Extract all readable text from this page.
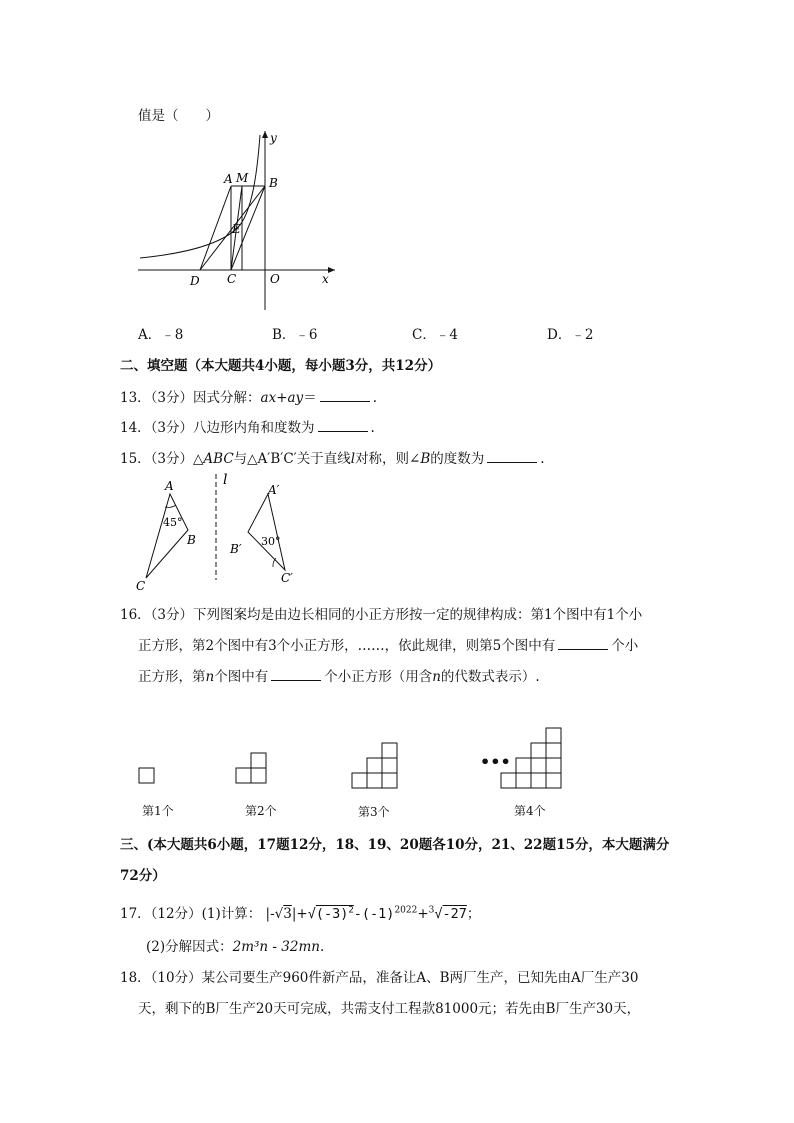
值是（　　）
y
x
O
A M B
E
D C
A．﹣8	B．﹣6	C．﹣4	D．﹣2
二、填空题（本大题共4小题，每小题3分，共12分）
13．（3分）因式分解：ax+ay＝	.
14．（3分）八边形内角和度数为	.
15．（3分）△ABC与△A′B′C′关于直线l对称，则∠B的度数为	.
A
45°
B
C
l
A′
B′
30°
C′
16．（3分）下列图案均是由边长相同的小正方形按一定的规律构成：第1个图中有1个小
正方形，第2个图中有3个小正方形，……，依此规律，则第5个图中有	个小
正方形，第n个图中有	个小正方形（用含n的代数式表示）.
•••
第1个	第2个	第3个	第4个
三、(本大题共6小题，17题12分，18、19、20题各10分，21、22题15分，本大题满分
72分）
17．（12分）(1)计算： $|-√3|+√(-3)^2-(-1)^{2022}+^3√-27$；
(2)分解因式：2m³n - 32mn.
18．（10分）某公司要生产960件新产品，准备让A、B两厂生产，已知先由A厂生产30
天，剩下的B厂生产20天可完成，共需支付工程款81000元；若先由B厂生产30天，
